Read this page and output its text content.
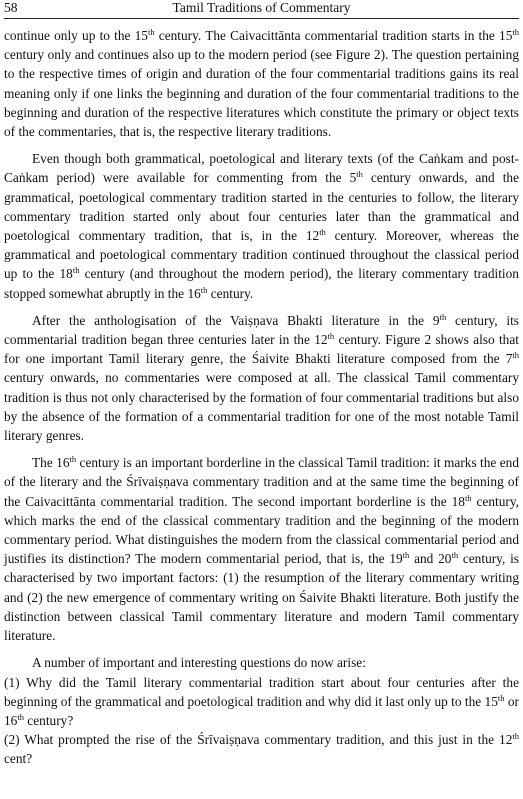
58	Tamil Traditions of Commentary

continue only up to the 15th century. The Caivacittānta commentarial tradition starts in the 15th century only and continues also up to the modern period (see Figure 2). The question pertaining to the respective times of origin and duration of the four commentarial traditions gains its real meaning only if one links the beginning and duration of the four commentarial traditions to the beginning and duration of the respective literatures which constitute the primary or object texts of the commentaries, that is, the respective literary traditions.

Even though both grammatical, poetological and literary texts (of the Caṅkam and post-Caṅkam period) were available for commenting from the 5th century onwards, and the grammatical, poetological commentary tradition started in the centuries to follow, the literary commentary tradition started only about four centuries later than the grammatical and poetological commentary tradition, that is, in the 12th century. Moreover, whereas the grammatical and poetological commentary tradition continued throughout the classical period up to the 18th century (and throughout the modern period), the literary commentary tradition stopped somewhat abruptly in the 16th century.

After the anthologisation of the Vaiṣṇava Bhakti literature in the 9th century, its commentarial tradition began three centuries later in the 12th century. Figure 2 shows also that for one important Tamil literary genre, the Śaivite Bhakti literature composed from the 7th century onwards, no commentaries were composed at all. The classical Tamil commentary tradition is thus not only characterised by the formation of four commentarial traditions but also by the absence of the formation of a commentarial tradition for one of the most notable Tamil literary genres.

The 16th century is an important borderline in the classical Tamil tradition: it marks the end of the literary and the Śrīvaiṣṇava commentary tradition and at the same time the beginning of the Caivacittānta commentarial tradition. The second important borderline is the 18th century, which marks the end of the classical commentary tradition and the beginning of the modern commentary period. What distinguishes the modern from the classical commentarial period and justifies its distinction? The modern commentarial period, that is, the 19th and 20th century, is characterised by two important factors: (1) the resumption of the literary commentary writing and (2) the new emergence of commentary writing on Śaivite Bhakti literature. Both justify the distinction between classical Tamil commentary literature and modern Tamil commentary literature.

A number of important and interesting questions do now arise:

(1) Why did the Tamil literary commentarial tradition start about four centuries after the beginning of the grammatical and poetological tradition and why did it last only up to the 15th or 16th century?

(2) What prompted the rise of the Śrīvaiṣṇava commentary tradition, and this just in the 12th cent?
